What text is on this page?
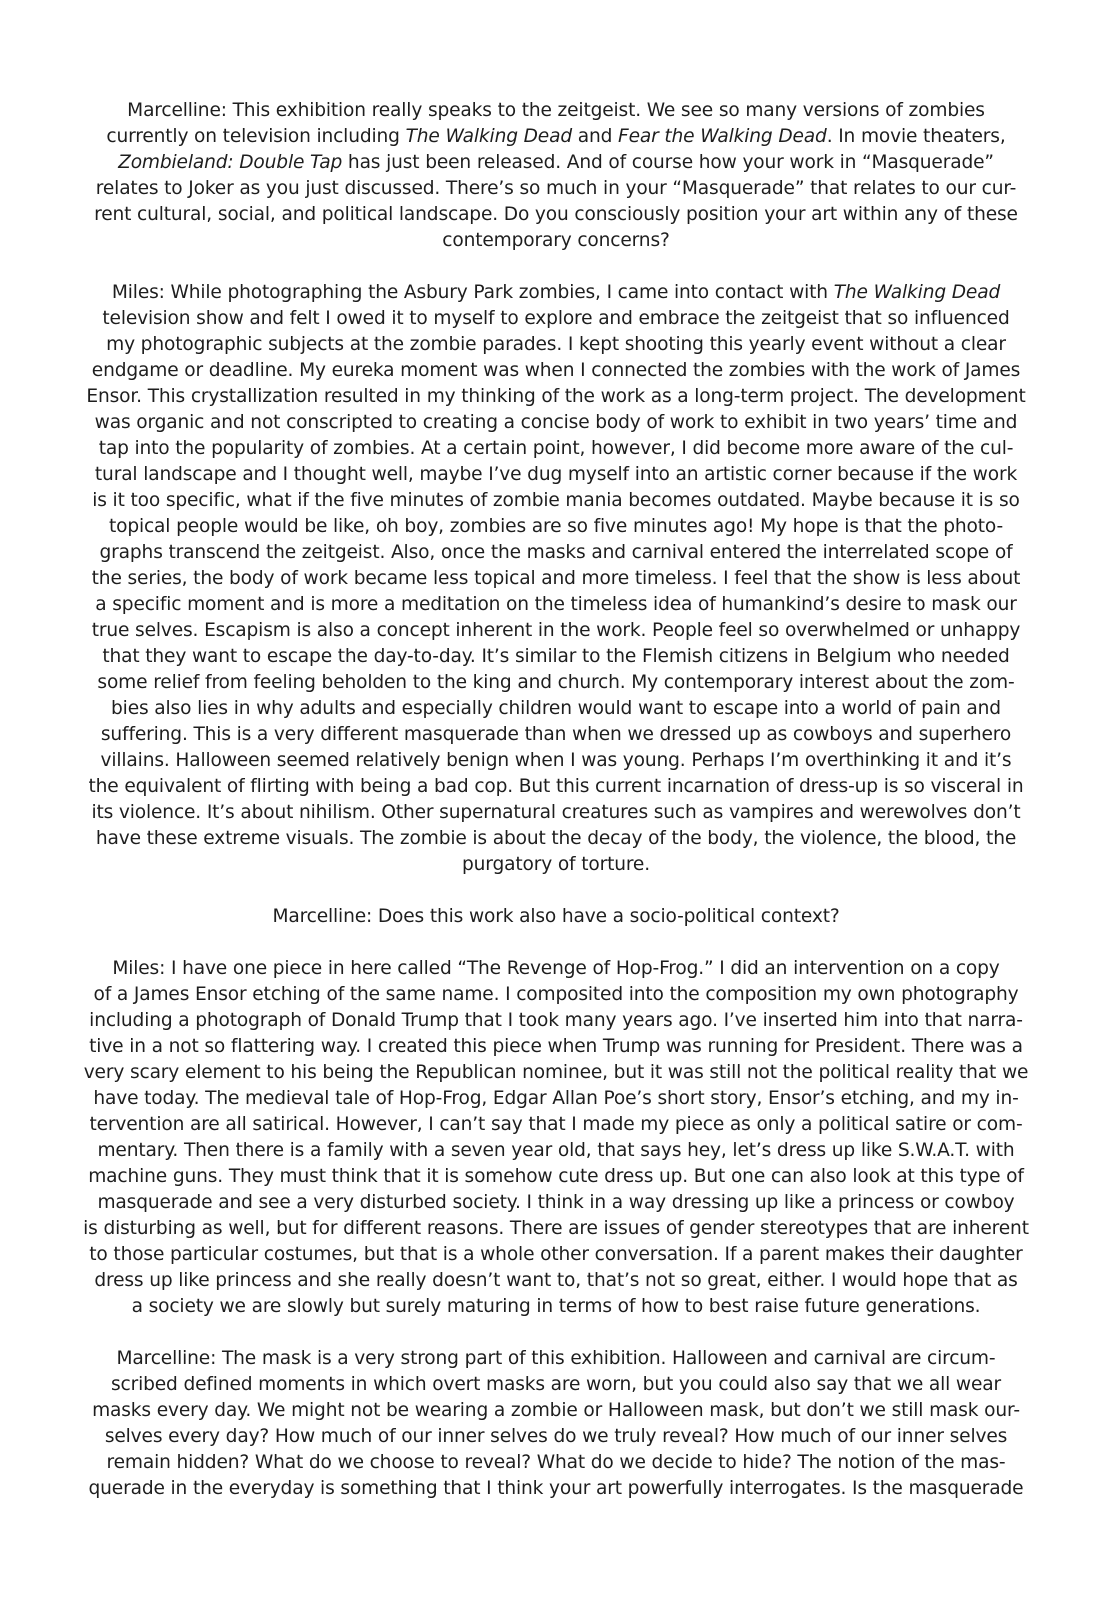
Marcelline: This exhibition really speaks to the zeitgeist. We see so many versions of zombies
currently on television including The Walking Dead and Fear the Walking Dead. In movie theaters,
Zombieland: Double Tap has just been released. And of course how your work in “Masquerade”
relates to Joker as you just discussed. There’s so much in your “Masquerade” that relates to our cur-
rent cultural, social, and political landscape. Do you consciously position your art within any of these
contemporary concerns?
Miles: While photographing the Asbury Park zombies, I came into contact with The Walking Dead
television show and felt I owed it to myself to explore and embrace the zeitgeist that so influenced
my photographic subjects at the zombie parades. I kept shooting this yearly event without a clear
endgame or deadline. My eureka moment was when I connected the zombies with the work of James
Ensor. This crystallization resulted in my thinking of the work as a long-term project. The development
was organic and not conscripted to creating a concise body of work to exhibit in two years’ time and
tap into the popularity of zombies. At a certain point, however, I did become more aware of the cul-
tural landscape and I thought well, maybe I’ve dug myself into an artistic corner because if the work
is it too specific, what if the five minutes of zombie mania becomes outdated. Maybe because it is so
topical people would be like, oh boy, zombies are so five minutes ago! My hope is that the photo-
graphs transcend the zeitgeist. Also, once the masks and carnival entered the interrelated scope of
the series, the body of work became less topical and more timeless. I feel that the show is less about
a specific moment and is more a meditation on the timeless idea of humankind’s desire to mask our
true selves. Escapism is also a concept inherent in the work. People feel so overwhelmed or unhappy
that they want to escape the day-to-day. It’s similar to the Flemish citizens in Belgium who needed
some relief from feeling beholden to the king and church. My contemporary interest about the zom-
bies also lies in why adults and especially children would want to escape into a world of pain and
suffering. This is a very different masquerade than when we dressed up as cowboys and superhero
villains. Halloween seemed relatively benign when I was young. Perhaps I’m overthinking it and it’s
the equivalent of flirting with being a bad cop. But this current incarnation of dress-up is so visceral in
its violence. It’s about nihilism. Other supernatural creatures such as vampires and werewolves don’t
have these extreme visuals. The zombie is about the decay of the body, the violence, the blood, the
purgatory of torture.
Marcelline: Does this work also have a socio-political context?
Miles: I have one piece in here called “The Revenge of Hop-Frog.” I did an intervention on a copy
of a James Ensor etching of the same name. I composited into the composition my own photography
including a photograph of Donald Trump that I took many years ago. I’ve inserted him into that narra-
tive in a not so flattering way. I created this piece when Trump was running for President. There was a
very scary element to his being the Republican nominee, but it was still not the political reality that we
have today. The medieval tale of Hop-Frog, Edgar Allan Poe’s short story, Ensor’s etching, and my in-
tervention are all satirical. However, I can’t say that I made my piece as only a political satire or com-
mentary. Then there is a family with a seven year old, that says hey, let’s dress up like S.W.A.T. with
machine guns. They must think that it is somehow cute dress up. But one can also look at this type of
masquerade and see a very disturbed society. I think in a way dressing up like a princess or cowboy
is disturbing as well, but for different reasons. There are issues of gender stereotypes that are inherent
to those particular costumes, but that is a whole other conversation. If a parent makes their daughter
dress up like princess and she really doesn’t want to, that’s not so great, either. I would hope that as
a society we are slowly but surely maturing in terms of how to best raise future generations.
Marcelline: The mask is a very strong part of this exhibition. Halloween and carnival are circum-
scribed defined moments in which overt masks are worn, but you could also say that we all wear
masks every day. We might not be wearing a zombie or Halloween mask, but don’t we still mask our-
selves every day? How much of our inner selves do we truly reveal? How much of our inner selves
remain hidden? What do we choose to reveal? What do we decide to hide? The notion of the mas-
querade in the everyday is something that I think your art powerfully interrogates. Is the masquerade
